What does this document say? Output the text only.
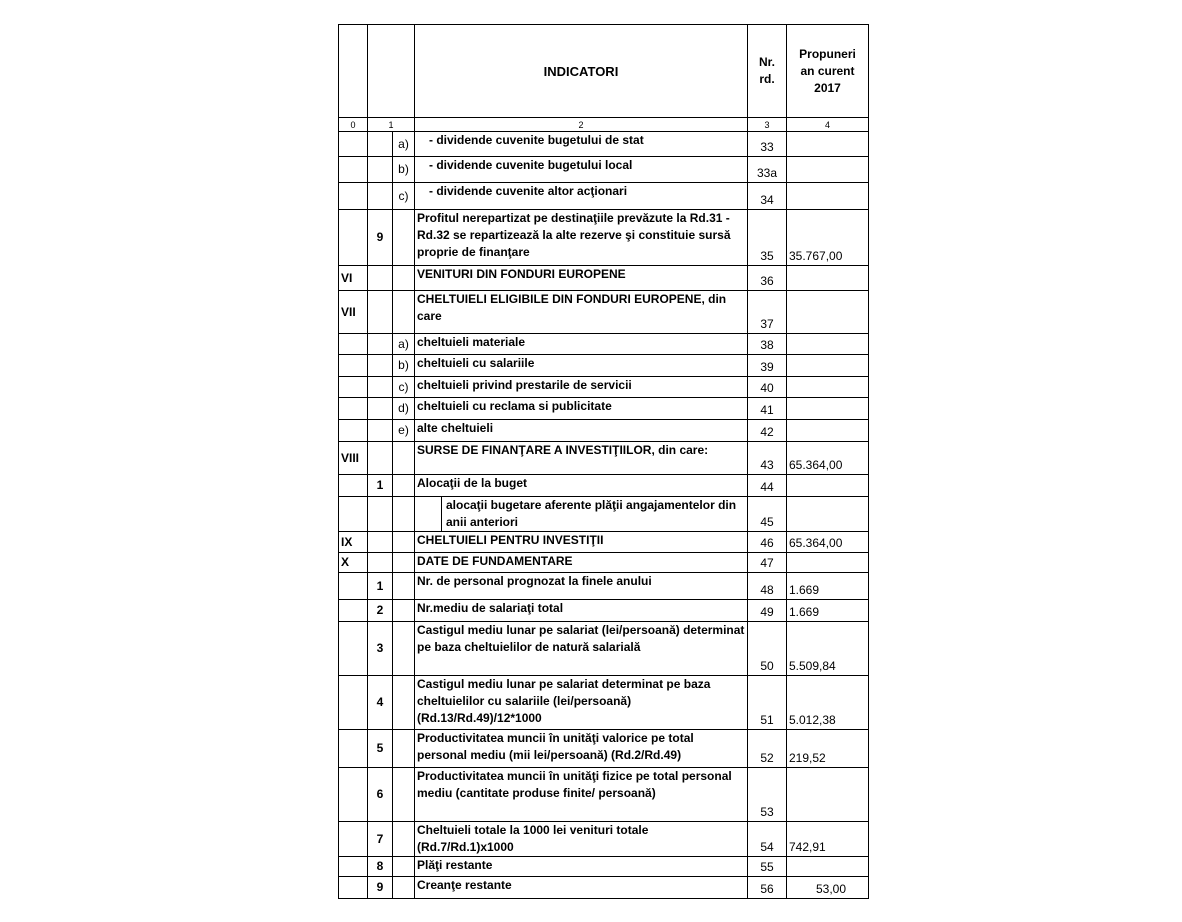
			INDICATORI	Nr. rd.	Propuneri an curent 2017
0	1		2	3	4
		a)	- dividende cuvenite bugetului de stat	33	
		b)	- dividende cuvenite bugetului local	33a	
		c)	- dividende cuvenite altor acţionari	34	
	9		Profitul nerepartizat pe destinaţiile prevăzute la Rd.31 - Rd.32 se repartizează la alte rezerve şi constituie sursă proprie de finanţare	35	35.767,00
VI			VENITURI DIN FONDURI EUROPENE	36	
VII			CHELTUIELI ELIGIBILE DIN FONDURI EUROPENE, din care	37	
		a)	cheltuieli materiale	38	
		b)	cheltuieli cu salariile	39	
		c)	cheltuieli privind prestarile de servicii	40	
		d)	cheltuieli cu reclama si publicitate	41	
		e)	alte cheltuieli	42	
VIII			SURSE DE FINANŢARE A INVESTIŢIILOR, din care:	43	65.364,00
	1		Alocaţii de la buget	44	

			alocaţii bugetare aferente plăţii angajamentelor din anii anteriori	45	
IX			CHELTUIELI PENTRU INVESTIŢII	46	65.364,00
X			DATE DE FUNDAMENTARE	47	
	1		Nr. de personal prognozat la finele anului	48	1.669
	2		Nr.mediu de salariaţi total	49	1.669
	3		Castigul mediu lunar pe salariat (lei/persoană) determinat pe baza cheltuielilor de natură salarială	50	5.509,84
	4		Castigul mediu lunar pe salariat determinat pe baza cheltuielilor cu salariile (lei/persoană) (Rd.13/Rd.49)/12*1000	51	5.012,38
	5		Productivitatea muncii în unităţi valorice pe total personal mediu (mii lei/persoană) (Rd.2/Rd.49)	52	219,52
	6		Productivitatea muncii în unităţi fizice pe total personal mediu (cantitate produse finite/ persoană)	53	
	7		Cheltuieli totale la 1000 lei venituri totale (Rd.7/Rd.1)x1000	54	742,91
	8		Plăţi restante	55	
	9		Creanţe restante	56	53,00
